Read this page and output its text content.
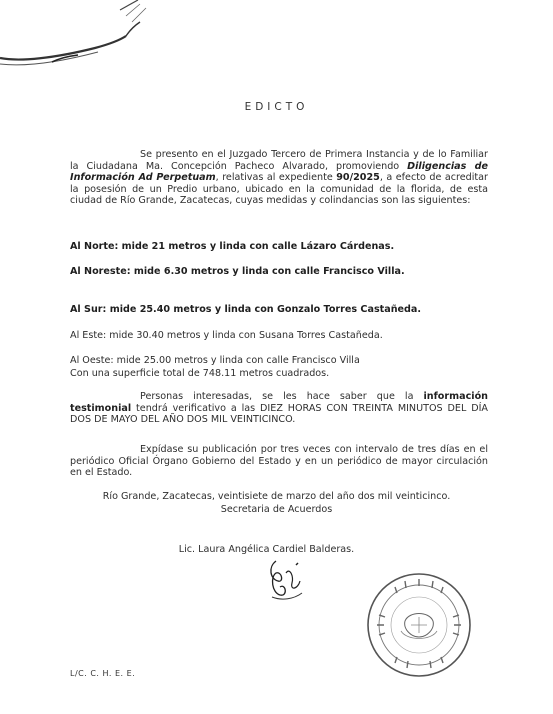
EDICTO

Se presento en el Juzgado Tercero de Primera Instancia y de lo Familiar la Ciudadana Ma. Concepción Pacheco Alvarado, promoviendo Diligencias de Información Ad Perpetuam, relativas al expediente 90/2025, a efecto de acreditar la posesión de un Predio urbano, ubicado en la comunidad de la florida, de esta ciudad de Río Grande, Zacatecas, cuyas medidas y colindancias son las siguientes:

Al Norte: mide 21 metros y linda con calle Lázaro Cárdenas.
Al Noreste: mide 6.30 metros y linda con calle Francisco Villa.
Al Sur: mide 25.40 metros y linda con Gonzalo Torres Castañeda.
Al Este: mide 30.40 metros y linda con Susana Torres Castañeda.
Al Oeste: mide 25.00 metros y linda con calle Francisco Villa
Con una superficie total de 748.11 metros cuadrados.

Personas interesadas, se les hace saber que la información testimonial tendrá verificativo a las DIEZ HORAS CON TREINTA MINUTOS DEL DÍA DOS DE MAYO DEL AÑO DOS MIL VEINTICINCO.

Expídase su publicación por tres veces con intervalo de tres días en el periódico Oficial Órgano Gobierno del Estado y en un periódico de mayor circulación en el Estado.

Río Grande, Zacatecas, veintisiete de marzo del año dos mil veinticinco.
Secretaria de Acuerdos
Lic. Laura Angélica Cardiel Balderas.
L/C. C. H. E. E.
